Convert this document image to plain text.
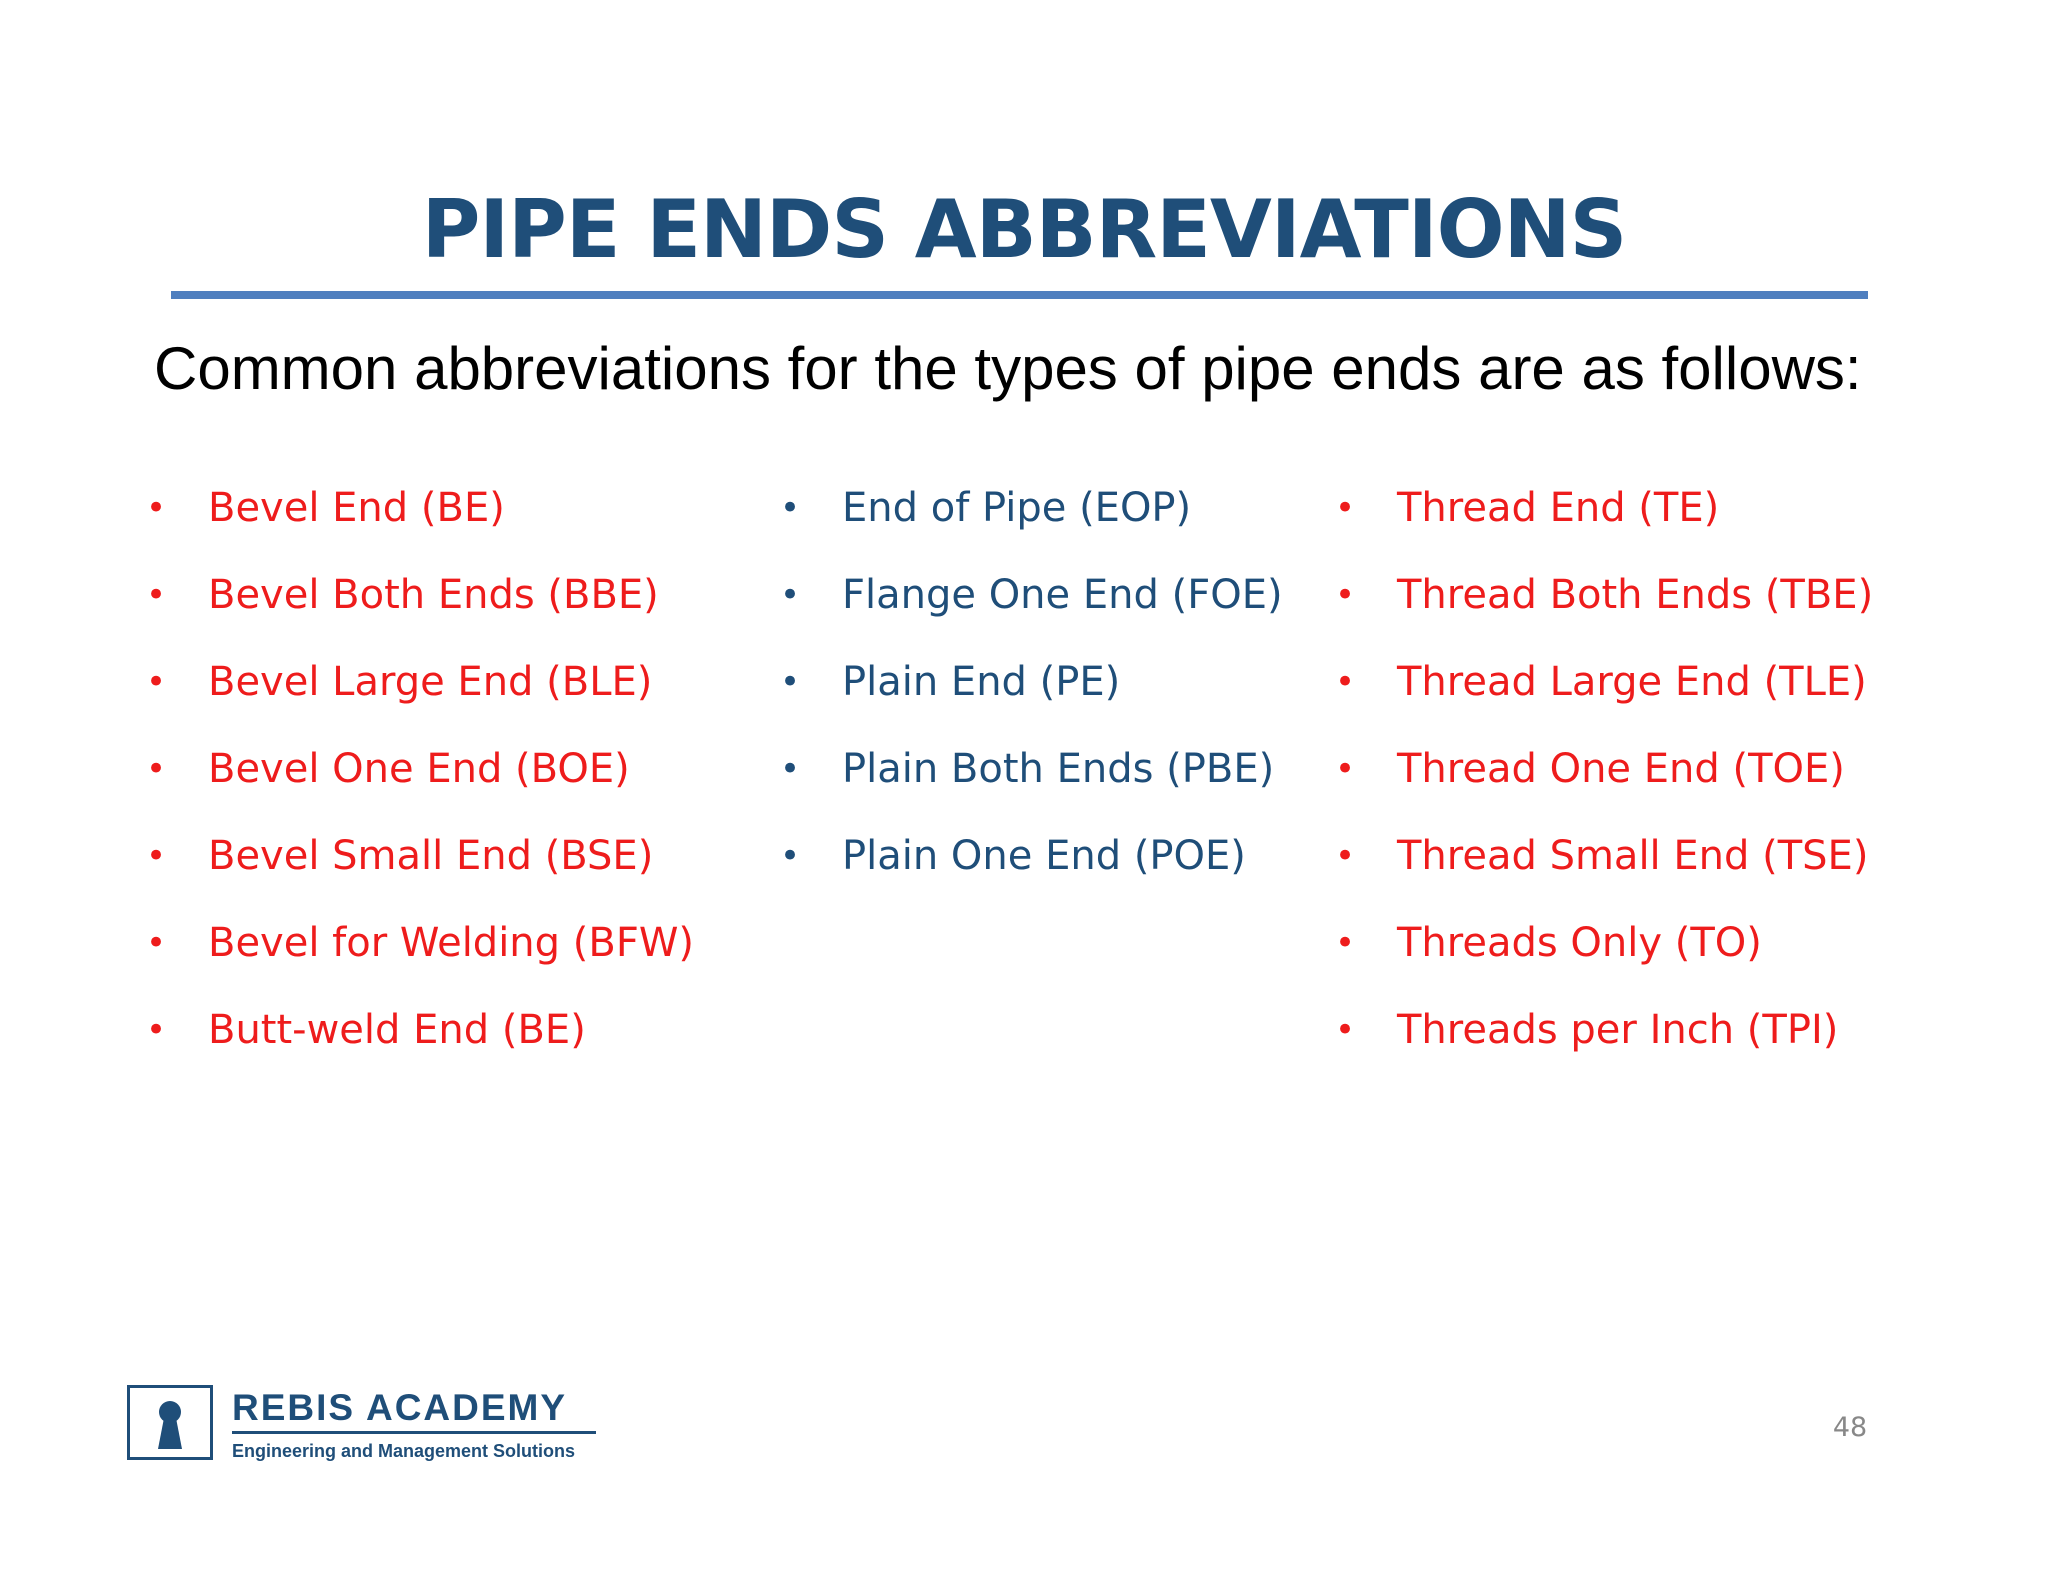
PIPE ENDS ABBREVIATIONS
Common abbreviations for the types of pipe ends are as follows:
• Bevel End (BE)
• Bevel Both Ends (BBE)
• Bevel Large End (BLE)
• Bevel One End (BOE)
• Bevel Small End (BSE)
• Bevel for Welding (BFW)
• Butt-weld End (BE)
• End of Pipe (EOP)
• Flange One End (FOE)
• Plain End (PE)
• Plain Both Ends (PBE)
• Plain One End (POE)
• Thread End (TE)
• Thread Both Ends (TBE)
• Thread Large End (TLE)
• Thread One End (TOE)
• Thread Small End (TSE)
• Threads Only (TO)
• Threads per Inch (TPI)
REBIS ACADEMY
Engineering and Management Solutions
48
